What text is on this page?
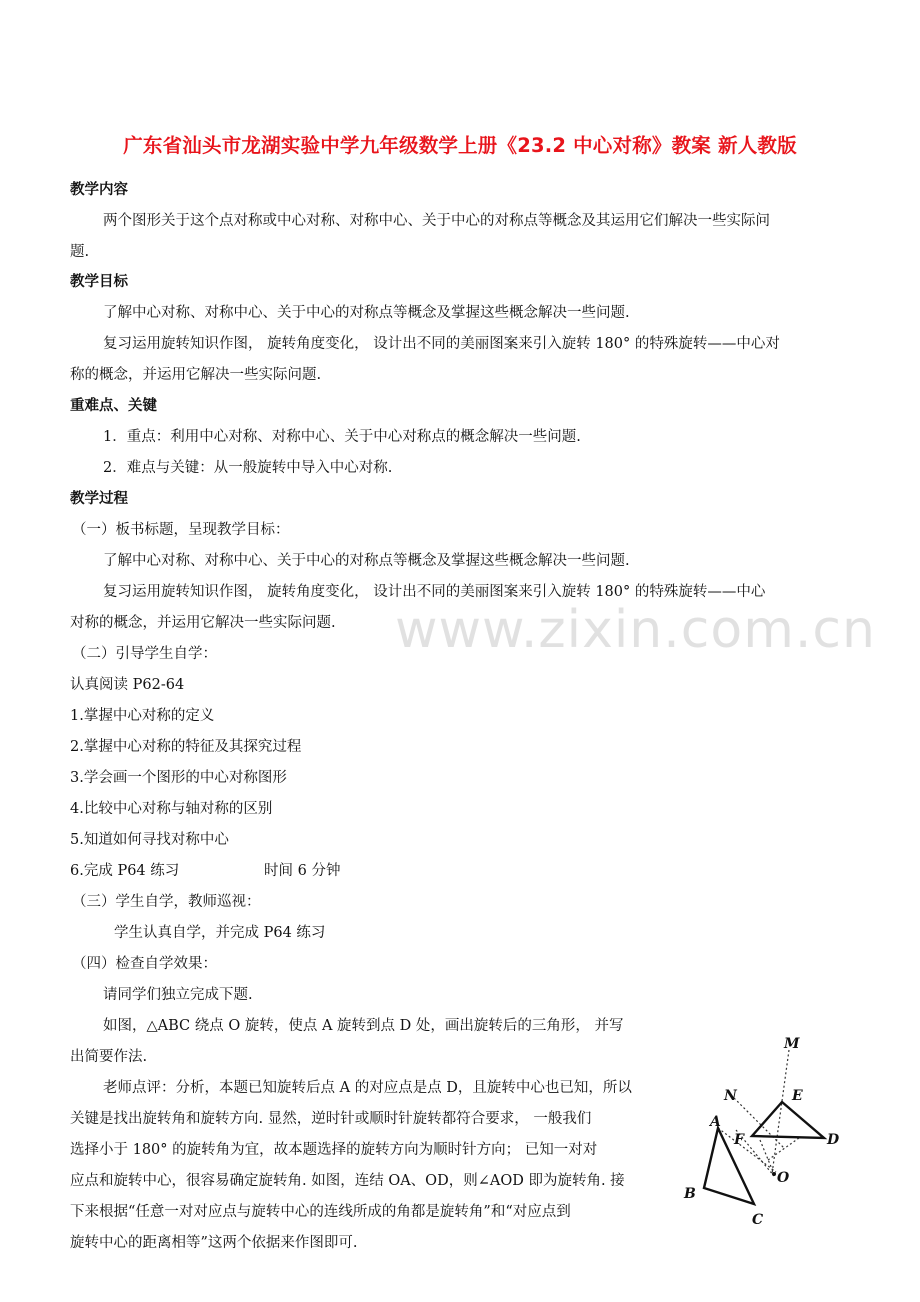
广东省汕头市龙湖实验中学九年级数学上册《23.2 中心对称》教案 新人教版
教学内容
两个图形关于这个点对称或中心对称、对称中心、关于中心的对称点等概念及其运用它们解决一些实际问
题.
教学目标
了解中心对称、对称中心、关于中心的对称点等概念及掌握这些概念解决一些问题.
复习运用旋转知识作图， 旋转角度变化， 设计出不同的美丽图案来引入旋转 180° 的特殊旋转——中心对
称的概念，并运用它解决一些实际问题.
重难点、关键
1．重点：利用中心对称、对称中心、关于中心对称点的概念解决一些问题.
2．难点与关键：从一般旋转中导入中心对称.
教学过程
（一）板书标题，呈现教学目标：
了解中心对称、对称中心、关于中心的对称点等概念及掌握这些概念解决一些问题.
复习运用旋转知识作图， 旋转角度变化， 设计出不同的美丽图案来引入旋转 180° 的特殊旋转——中心
对称的概念，并运用它解决一些实际问题.
（二）引导学生自学：
认真阅读 P62-64
1.掌握中心对称的定义
2.掌握中心对称的特征及其探究过程
3.学会画一个图形的中心对称图形
4.比较中心对称与轴对称的区别
5.知道如何寻找对称中心
6.完成 P64 练习	时间 6 分钟
（三）学生自学，教师巡视：
学生认真自学，并完成 P64 练习
（四）检查自学效果：
请同学们独立完成下题.
如图，△ABC 绕点 O 旋转，使点 A 旋转到点 D 处，画出旋转后的三角形， 并写
出简要作法.
老师点评：分析，本题已知旋转后点 A 的对应点是点 D，且旋转中心也已知，所以
关键是找出旋转角和旋转方向. 显然，逆时针或顺时针旋转都符合要求， 一般我们
选择小于 180° 的旋转角为宜，故本题选择的旋转方向为顺时针方向； 已知一对对
应点和旋转中心，很容易确定旋转角. 如图，连结 OA、OD，则∠AOD 即为旋转角. 接
下来根据“任意一对对应点与旋转中心的连线所成的角都是旋转角”和“对应点到
旋转中心的距离相等”这两个依据来作图即可.
www.zixin.com.cn
M
N	E
A
F	D
O
B
C
